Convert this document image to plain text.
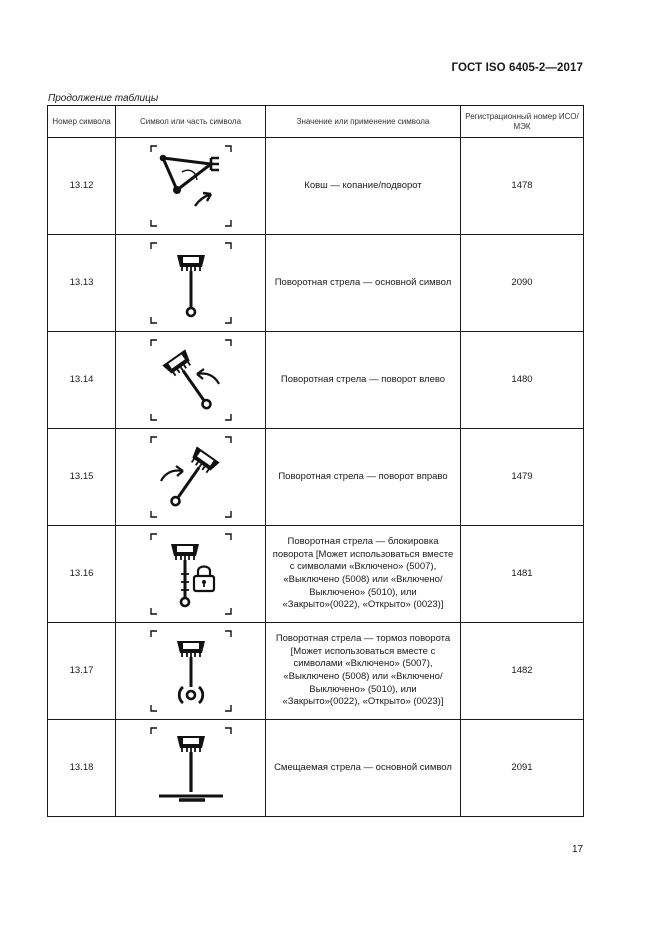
ГОСТ ISO 6405-2—2017
Продолжение таблицы
Номер символа	Символ или часть символа	Значение или применение символа	Регистрационный номер ИСО/МЭК
13.12		Ковш — копание/подворот	1478
13.13		Поворотная стрела — основной символ	2090
13.14		Поворотная стрела — поворот влево	1480
13.15		Поворотная стрела — поворот вправо	1479
13.16		Поворотная стрела — блокировка поворота [Может использоваться вместе с символами «Включено» (5007), «Выключено (5008) или «Включено/Выключено» (5010), или «Закрыто»(0022), «Открыто» (0023)]	1481
13.17		Поворотная стрела — тормоз поворота [Может использоваться вместе с символами «Включено» (5007), «Выключено (5008) или «Включено/Выключено» (5010), или «Закрыто»(0022), «Открыто» (0023)]	1482
13.18		Смещаемая стрела — основной символ	2091
17
